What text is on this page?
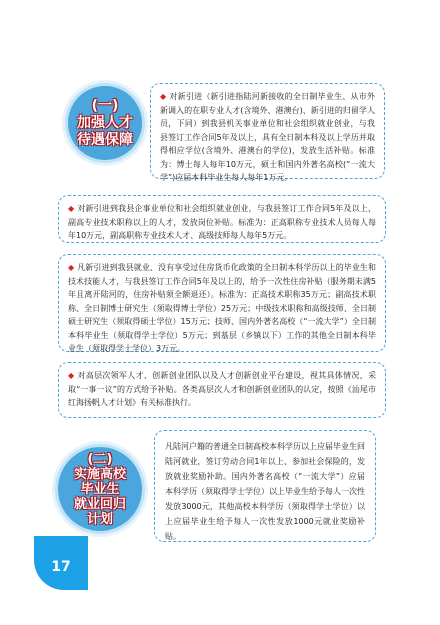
(一)
加强人才
待遇保障
◆ 对新引进（新引进指陆河新接收的全日制毕业生、从市外新调入的在职专业人才(含境外、港澳台)、新引进的归留学人员，下同）到我县机关事业单位和社会组织就业创业，与我县签订工作合同5年及以上，具有全日制本科及以上学历并取得相应学位(含境外、港澳台的学位)，发放生活补贴。标准为：博士每人每年10万元，硕士和国内外著名高校(“一流大学”)应届本科毕业生每人每年1万元。
◆ 对新引进到我县企事业单位和社会组织就业创业，与我县签订工作合同5年及以上，副高专业技术职称以上的人才，发放岗位补贴。标准为：正高职称专业技术人员每人每年10万元，副高职称专业技术人才、高级技师每人每年5万元。
◆ 凡新引进到我县就业、没有享受过住房货币化政策的全日制本科学历以上的毕业生和技术技能人才，与我县签订工作合同5年及以上的，给予一次性住房补贴（服务期未满5年且离开陆河的，住房补贴须全额退还）。标准为：正高技术职称35万元；副高技术职称、全日制博士研究生（须取得博士学位）25万元；中级技术职称和高级技师、全日制硕士研究生（须取得硕士学位）15万元；技师、国内外著名高校（“一流大学”）全日制本科毕业生（须取得学士学位）5万元；到基层（乡镇以下）工作的其他全日制本科毕业生（须取得学士学位）3万元。
◆ 对高层次领军人才、创新创业团队以及人才创新创业平台建设，视其具体情况，采取“一事一议”的方式给予补贴。各类高层次人才和创新创业团队的认定，按照《汕尾市红海扬帆人才计划》有关标准执行。
(二)
实施高校
毕业生
就业回归
计划
凡陆河户籍的普通全日制高校本科学历以上应届毕业生回陆河就业，签订劳动合同1年以上、参加社会保险的，发放就业奖励补助。国内外著名高校（“一流大学”）应届本科学历（须取得学士学位）以上毕业生给予每人一次性发放3000元，其他高校本科学历（须取得学士学位）以上应届毕业生给予每人一次性发放1000元就业奖励补贴。
17
